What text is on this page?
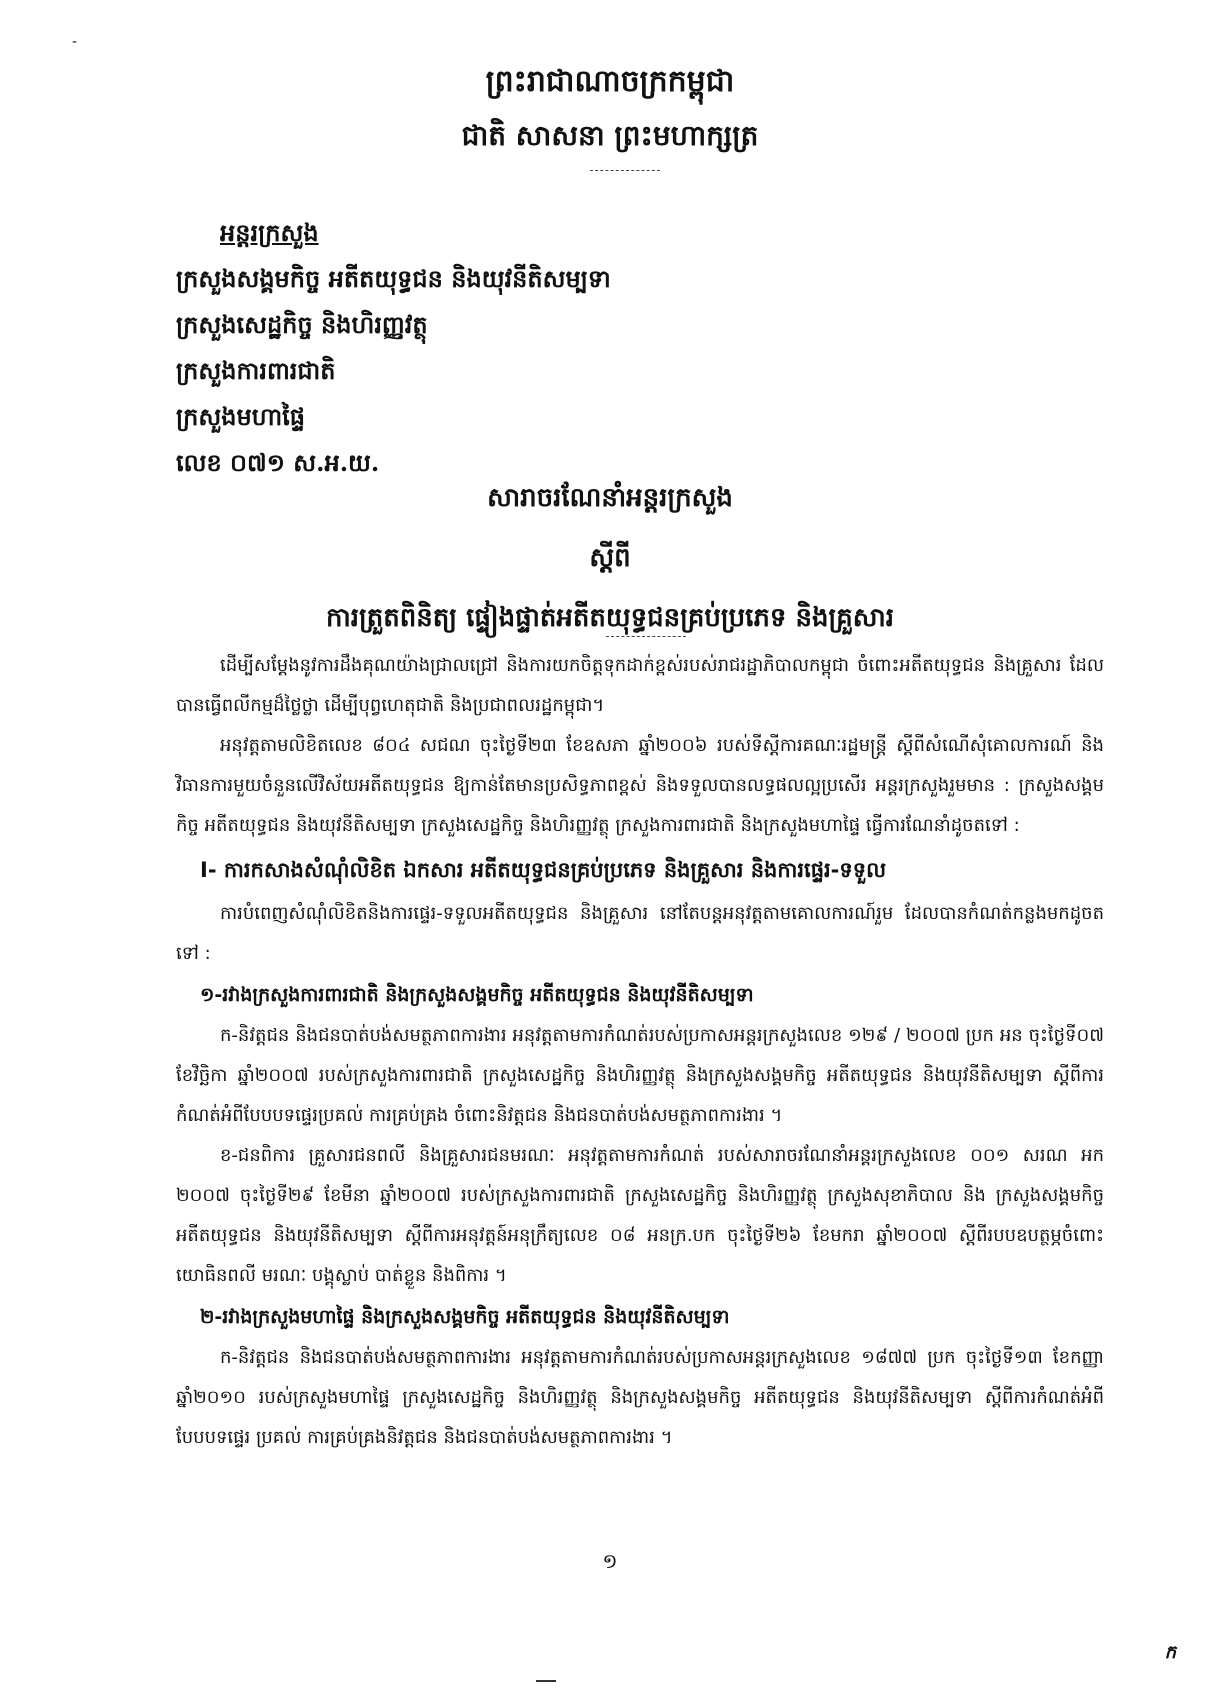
-
ព្រះរាជាណាចក្រកម្ពុជា
ជាតិ សាសនា ព្រះមហាក្សត្រ
អន្តរក្រសួង
ក្រសួងសង្គមកិច្ច អតីតយុទ្ធជន និងយុវនីតិសម្បទា
ក្រសួងសេដ្ឋកិច្ច និងហិរញ្ញវត្ថុ
ក្រសួងការពារជាតិ
ក្រសួងមហាផ្ទៃ
លេខ ០៧១ ស.អ.យ.
សារាចរណែនាំអន្តរក្រសួង
ស្តីពី
ការត្រួតពិនិត្យ ផ្ទៀងផ្ទាត់អតីតយុទ្ធជនគ្រប់ប្រភេទ និងគ្រួសារ

ដើម្បីសម្តែងនូវការដឹងគុណយ៉ាងជ្រាលជ្រៅ និងការយកចិត្តទុកដាក់ខ្ពស់របស់រាជរដ្ឋាភិបាលកម្ពុជា ចំពោះអតីតយុទ្ធជន និងគ្រួសារ ដែលបានធ្វើពលីកម្មដ៏ថ្លៃថ្លា ដើម្បីបុព្វហេតុជាតិ និងប្រជាពលរដ្ឋកម្ពុជា។

អនុវត្តតាមលិខិតលេខ ៨០៤ សជណ ចុះថ្ងៃទី២៣ ខែឧសភា ឆ្នាំ២០០៦ របស់ទីស្តីការគណៈរដ្ឋមន្ត្រី ស្តីពីសំណើសុំគោលការណ៍ និងវិធានការមួយចំនួនលើវិស័យអតីតយុទ្ធជន ឱ្យកាន់តែមានប្រសិទ្ធភាពខ្ពស់ និងទទួលបានលទ្ធផលល្អប្រសើរ អន្តរក្រសួងរួមមាន : ក្រសួងសង្គមកិច្ច អតីតយុទ្ធជន និងយុវនីតិសម្បទា ក្រសួងសេដ្ឋកិច្ច និងហិរញ្ញវត្ថុ ក្រសួងការពារជាតិ និងក្រសួងមហាផ្ទៃ ធ្វើការណែនាំដូចតទៅ :

I- ការកសាងសំណុំលិខិត ឯកសារ អតីតយុទ្ធជនគ្រប់ប្រភេទ និងគ្រួសារ និងការផ្ទេរ-ទទួល

ការបំពេញសំណុំលិខិតនិងការផ្ទេរ-ទទួលអតីតយុទ្ធជន និងគ្រួសារ នៅតែបន្តអនុវត្តតាមគោលការណ៍រួម ដែលបានកំណត់កន្លងមកដូចតទៅ :

១-រវាងក្រសួងការពារជាតិ និងក្រសួងសង្គមកិច្ច អតីតយុទ្ធជន និងយុវនីតិសម្បទា

ក-និវត្តជន និងជនបាត់បង់សមត្ថភាពការងារ អនុវត្តតាមការកំណត់របស់ប្រកាសអន្តរក្រសួងលេខ ១២៩ / ២០០៧ ប្រក អន ចុះថ្ងៃទី០៧ ខែវិច្ឆិកា ឆ្នាំ២០០៧ របស់ក្រសួងការពារជាតិ ក្រសួងសេដ្ឋកិច្ច និងហិរញ្ញវត្ថុ និងក្រសួងសង្គមកិច្ច អតីតយុទ្ធជន និងយុវនីតិសម្បទា ស្តីពីការកំណត់អំពីបែបបទផ្ទេរប្រគល់ ការគ្រប់គ្រង ចំពោះនិវត្តជន និងជនបាត់បង់សមត្ថភាពការងារ ។

ខ-ជនពិការ គ្រួសារជនពលី និងគ្រួសារជនមរណៈ អនុវត្តតាមការកំណត់ របស់សារាចរណែនាំអន្តរក្រសួងលេខ ០០១ សរណ អក ២០០៧ ចុះថ្ងៃទី២៩ ខែមីនា ឆ្នាំ២០០៧ របស់ក្រសួងការពារជាតិ ក្រសួងសេដ្ឋកិច្ច និងហិរញ្ញវត្ថុ ក្រសួងសុខាភិបាល និង ក្រសួងសង្គមកិច្ច អតីតយុទ្ធជន និងយុវនីតិសម្បទា ស្តីពីការអនុវត្តន៍អនុក្រឹត្យលេខ ០៨ អនក្រ.បក ចុះថ្ងៃទី២៦ ខែមករា ឆ្នាំ២០០៧ ស្តីពីរបបឧបត្ថម្ភចំពោះយោធិនពលី មរណៈ បង្គុស្លាប់ បាត់ខ្លួន និងពិការ ។

២-រវាងក្រសួងមហាផ្ទៃ និងក្រសួងសង្គមកិច្ច អតីតយុទ្ធជន និងយុវនីតិសម្បទា

ក-និវត្តជន និងជនបាត់បង់សមត្ថភាពការងារ អនុវត្តតាមការកំណត់របស់ប្រកាសអន្តរក្រសួងលេខ ១៨៧៧ ប្រក ចុះថ្ងៃទី១៣ ខែកញ្ញា ឆ្នាំ២០១០ របស់ក្រសួងមហាផ្ទៃ ក្រសួងសេដ្ឋកិច្ច និងហិរញ្ញវត្ថុ និងក្រសួងសង្គមកិច្ច អតីតយុទ្ធជន និងយុវនីតិសម្បទា ស្តីពីការកំណត់អំពីបែបបទផ្ទេរ ប្រគល់ ការគ្រប់គ្រងនិវត្តជន និងជនបាត់បង់សមត្ថភាពការងារ ។

១
ក
